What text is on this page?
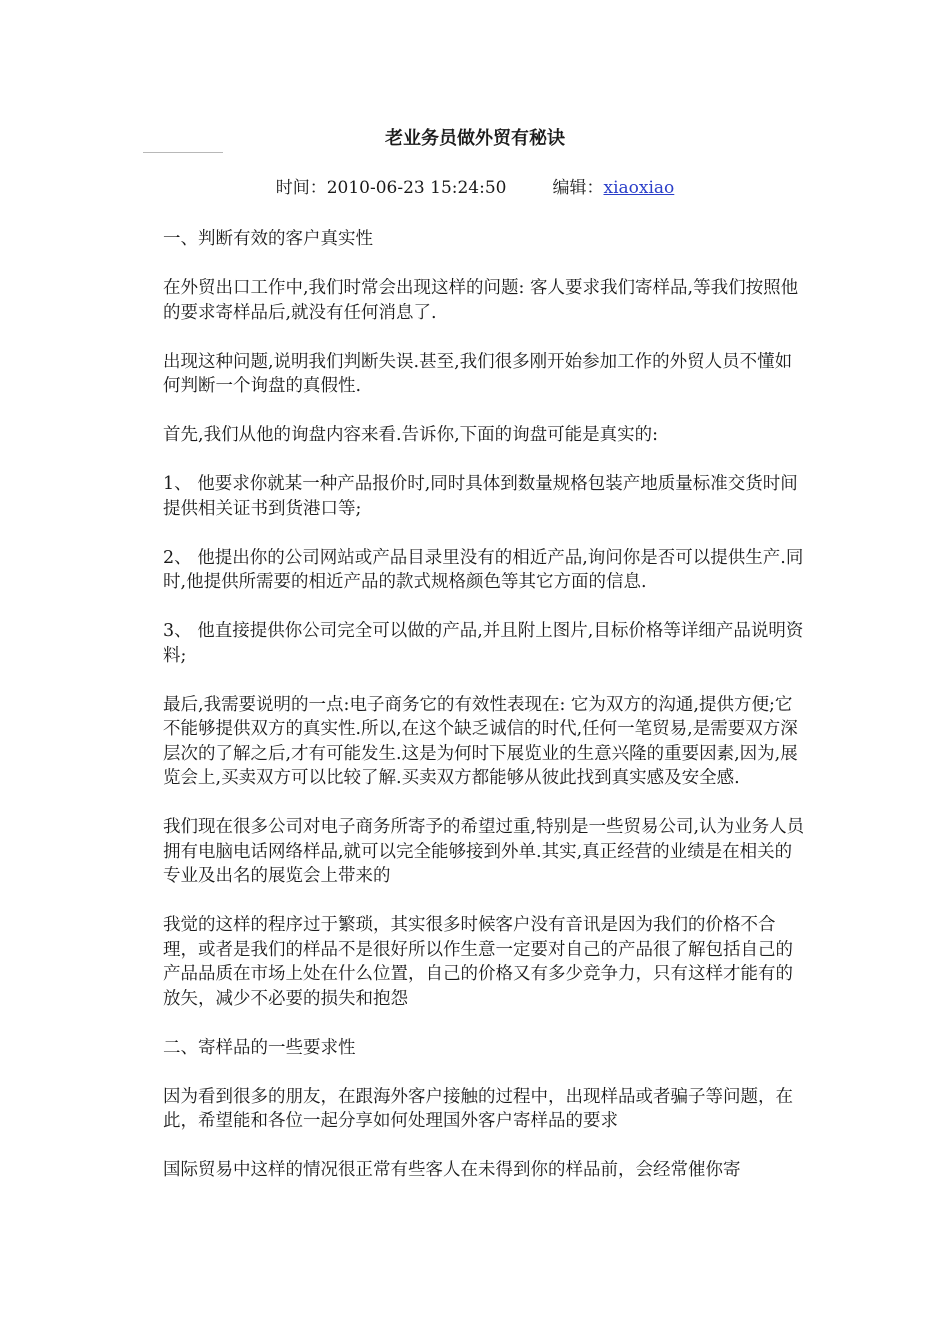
老业务员做外贸有秘诀
时间：2010-06-23 15:24:50	编辑：xiaoxiao

一、判断有效的客户真实性

在外贸出口工作中,我们时常会出现这样的问题: 客人要求我们寄样品,等我们按照他的要求寄样品后,就没有任何消息了.

出现这种问题,说明我们判断失误.甚至,我们很多刚开始参加工作的外贸人员不懂如何判断一个询盘的真假性.

首先,我们从他的询盘内容来看.告诉你,下面的询盘可能是真实的:

1、 他要求你就某一种产品报价时,同时具体到数量规格包装产地质量标准交货时间提供相关证书到货港口等;

2、 他提出你的公司网站或产品目录里没有的相近产品,询问你是否可以提供生产.同时,他提供所需要的相近产品的款式规格颜色等其它方面的信息.

3、 他直接提供你公司完全可以做的产品,并且附上图片,目标价格等详细产品说明资料;

最后,我需要说明的一点:电子商务它的有效性表现在: 它为双方的沟通,提供方便;它不能够提供双方的真实性.所以,在这个缺乏诚信的时代,任何一笔贸易,是需要双方深层次的了解之后,才有可能发生.这是为何时下展览业的生意兴隆的重要因素,因为,展览会上,买卖双方可以比较了解.买卖双方都能够从彼此找到真实感及安全感.

我们现在很多公司对电子商务所寄予的希望过重,特别是一些贸易公司,认为业务人员拥有电脑电话网络样品,就可以完全能够接到外单.其实,真正经营的业绩是在相关的专业及出名的展览会上带来的

我觉的这样的程序过于繁琐，其实很多时候客户没有音讯是因为我们的价格不合理，或者是我们的样品不是很好所以作生意一定要对自己的产品很了解包括自己的产品品质在市场上处在什么位置，自己的价格又有多少竞争力，只有这样才能有的放矢，减少不必要的损失和抱怨

二、寄样品的一些要求性

因为看到很多的朋友，在跟海外客户接触的过程中，出现样品或者骗子等问题，在此，希望能和各位一起分享如何处理国外客户寄样品的要求

国际贸易中这样的情况很正常有些客人在未得到你的样品前，会经常催你寄
